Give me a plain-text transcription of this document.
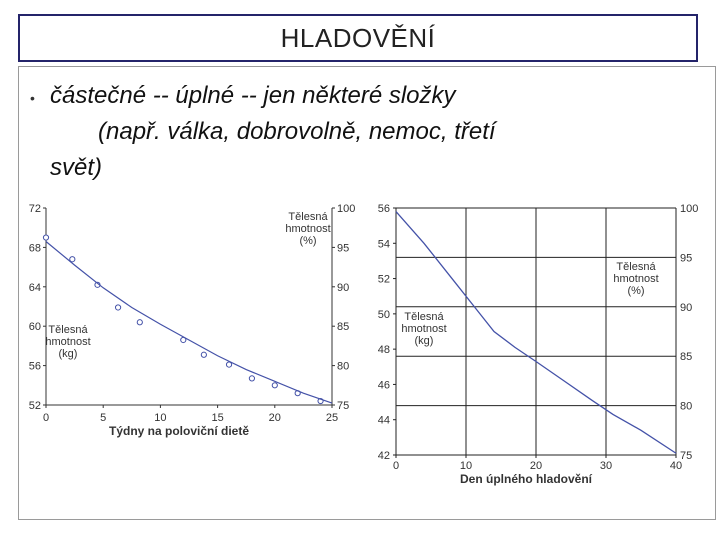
HLADOVĚNÍ
• částečné -- úplné -- jen některé složky

(např. válka, dobrovolně, nemoc, třetí
svět)
52
56
60
64
68
72
75
80
85
90
95
100
0	5	10	15	20	25
Týdny na poloviční dietě
Tělesná
hmotnost
(kg)
Tělesná
hmotnost
(%)
42
44
46
48
50
52
54
56
75
80
85
90
95
100
0	10	20	30	40
Den úplného hladovění
Tělesná
hmotnost
(kg)
Tělesná
hmotnost
(%)
